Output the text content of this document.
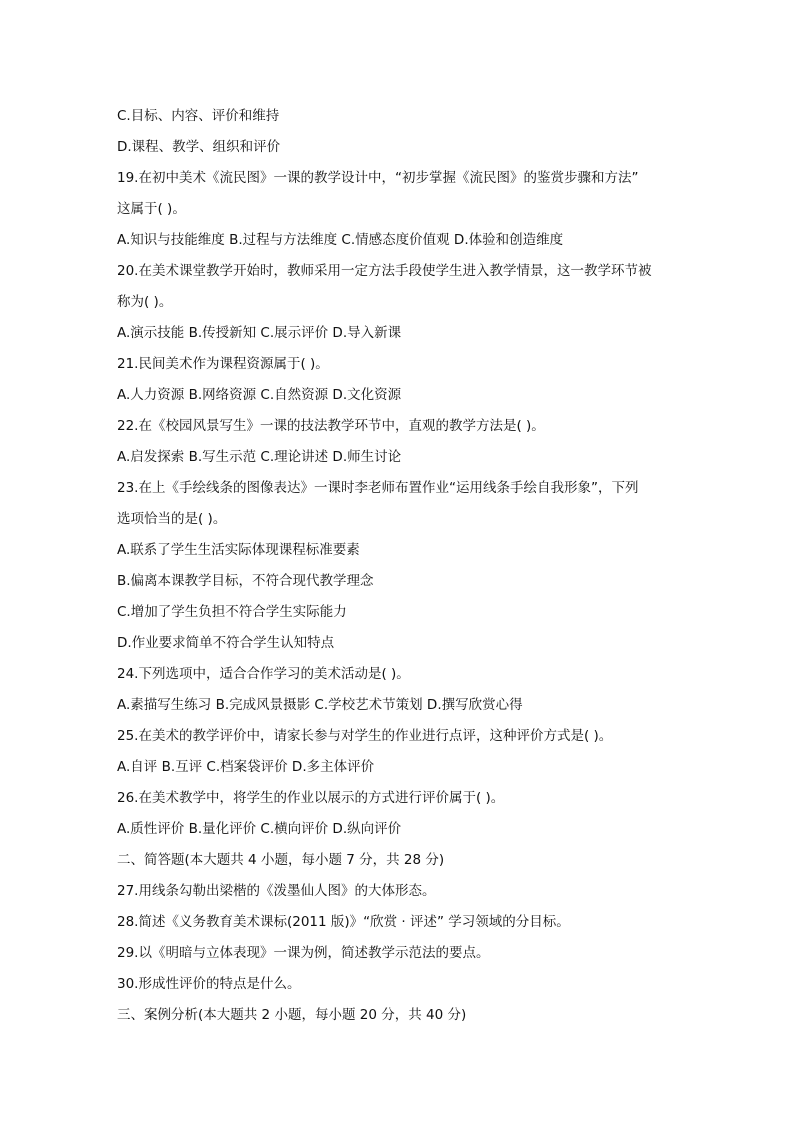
C.目标、内容、评价和维持
D.课程、教学、组织和评价
19.在初中美术《流民图》一课的教学设计中，“初步掌握《流民图》的鉴赏步骤和方法”
这属于( )。
A.知识与技能维度 B.过程与方法维度 C.情感态度价值观 D.体验和创造维度
20.在美术课堂教学开始时，教师采用一定方法手段使学生进入教学情景，这一教学环节被
称为( )。
A.演示技能 B.传授新知 C.展示评价 D.导入新课
21.民间美术作为课程资源属于( )。
A.人力资源 B.网络资源 C.自然资源 D.文化资源
22.在《校园风景写生》一课的技法教学环节中，直观的教学方法是( )。
A.启发探索 B.写生示范 C.理论讲述 D.师生讨论
23.在上《手绘线条的图像表达》一课时李老师布置作业“运用线条手绘自我形象”，下列
选项恰当的是( )。
A.联系了学生生活实际体现课程标准要素
B.偏离本课教学目标，不符合现代教学理念
C.增加了学生负担不符合学生实际能力
D.作业要求简单不符合学生认知特点
24.下列选项中，适合合作学习的美术活动是( )。
A.素描写生练习 B.完成风景摄影 C.学校艺术节策划 D.撰写欣赏心得
25.在美术的教学评价中，请家长参与对学生的作业进行点评，这种评价方式是( )。
A.自评 B.互评 C.档案袋评价 D.多主体评价
26.在美术教学中，将学生的作业以展示的方式进行评价属于( )。
A.质性评价 B.量化评价 C.横向评价 D.纵向评价
二、简答题(本大题共 4 小题，每小题 7 分，共 28 分)
27.用线条勾勒出梁楷的《泼墨仙人图》的大体形态。
28.简述《义务教育美术课标(2011 版)》“欣赏 · 评述” 学习领域的分目标。
29.以《明暗与立体表现》一课为例，简述教学示范法的要点。
30.形成性评价的特点是什么。
三、案例分析(本大题共 2 小题，每小题 20 分，共 40 分)
